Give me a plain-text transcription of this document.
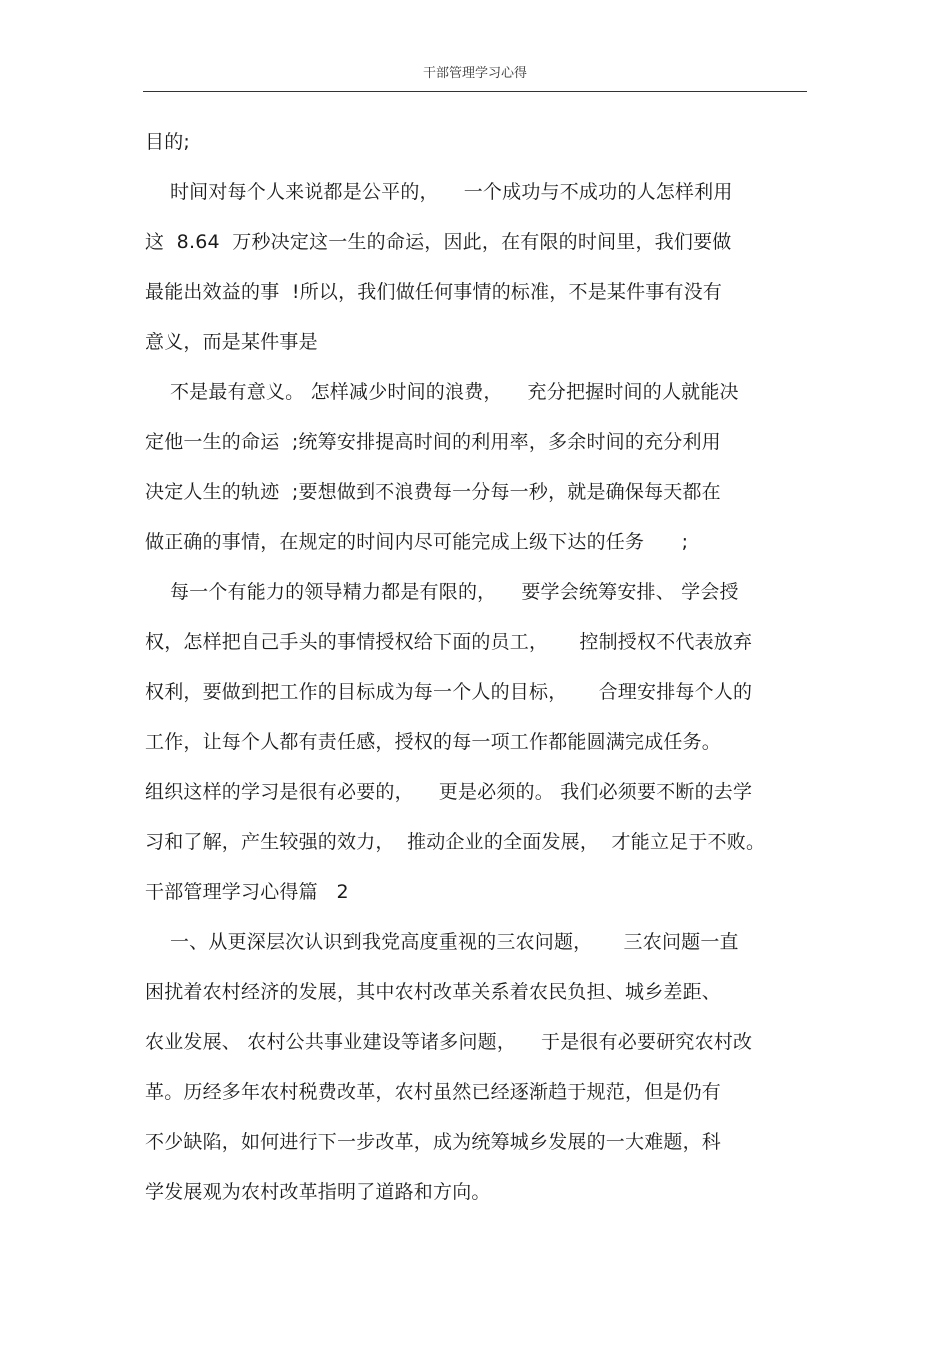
干部管理学习心得
目的;
时间对每个人来说都是公平的，    一个成功与不成功的人怎样利用
这  8.64  万秒决定这一生的命运，因此，在有限的时间里，我们要做
最能出效益的事  !所以，我们做任何事情的标准，不是某件事有没有
意义，而是某件事是
不是最有意义。 怎样减少时间的浪费，    充分把握时间的人就能决
定他一生的命运  ;统筹安排提高时间的利用率，多余时间的充分利用
决定人生的轨迹  ;要想做到不浪费每一分每一秒，就是确保每天都在
做正确的事情，在规定的时间内尽可能完成上级下达的任务      ;
每一个有能力的领导精力都是有限的，    要学会统筹安排、 学会授
权，怎样把自己手头的事情授权给下面的员工，     控制授权不代表放弃
权利，要做到把工作的目标成为每一个人的目标，     合理安排每个人的
工作，让每个人都有责任感，授权的每一项工作都能圆满完成任务。
组织这样的学习是很有必要的，    更是必须的。 我们必须要不断的去学
习和了解，产生较强的效力，  推动企业的全面发展，  才能立足于不败。
干部管理学习心得篇   2
一、从更深层次认识到我党高度重视的三农问题，     三农问题一直
困扰着农村经济的发展，其中农村改革关系着农民负担、城乡差距、
农业发展、 农村公共事业建设等诸多问题，    于是很有必要研究农村改
革。历经多年农村税费改革，农村虽然已经逐渐趋于规范，但是仍有
不少缺陷，如何进行下一步改革，成为统筹城乡发展的一大难题，科
学发展观为农村改革指明了道路和方向。
